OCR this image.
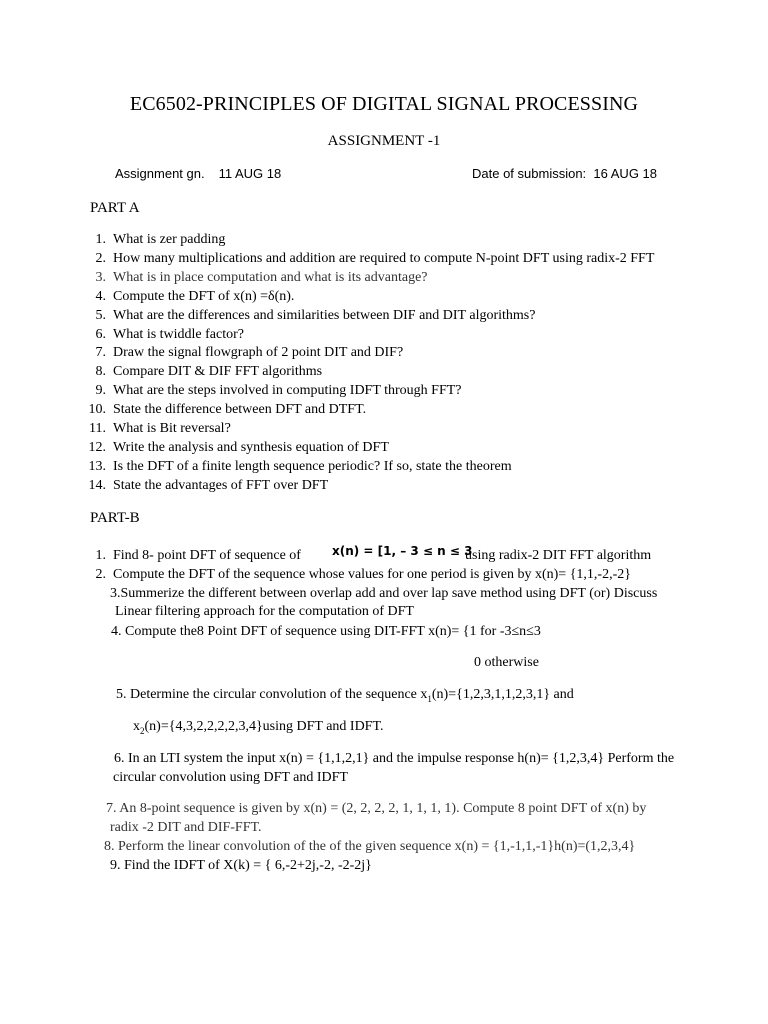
EC6502-PRINCIPLES OF DIGITAL SIGNAL PROCESSING
ASSIGNMENT -1
Assignment gn. 11 AUG 18	Date of submission: 16 AUG 18
PART A
1. What is zer padding
2. How many multiplications and addition are required to compute N-point DFT using radix-2 FFT
3. What is in place computation and what is its advantage?
4. Compute the DFT of x(n) =δ(n).
5. What are the differences and similarities between DIF and DIT algorithms?
6. What is twiddle factor?
7. Draw the signal flowgraph of 2 point DIT and DIF?
8. Compare DIT & DIF FFT algorithms
9. What are the steps involved in computing IDFT through FFT?
10. State the difference between DFT and DTFT.
11. What is Bit reversal?
12. Write the analysis and synthesis equation of DFT
13. Is the DFT of a finite length sequence periodic? If so, state the theorem
14. State the advantages of FFT over DFT
PART-B
1. Find 8- point DFT of sequence of	x(n) = [1, – 3 ≤ n ≤ 3
using radix-2 DIT FFT algorithm
2. Compute the DFT of the sequence whose values for one period is given by x(n)= {1,1,-2,-2}
3.Summerize the different between overlap add and over lap save method using DFT (or) Discuss
Linear filtering approach for the computation of DFT
4. Compute the8 Point DFT of sequence using DIT-FFT x(n)= {1 for -3≤n≤3
0 otherwise
5. Determine the circular convolution of the sequence $x_1(n)=\{1,2,3,1,1,2,3,1\}$ and
$x_2(n)=\{4,3,2,2,2,2,3,4\}using$ DFT and IDFT.
6. In an LTI system the input x(n) = {1,1,2,1} and the impulse response h(n)= {1,2,3,4} Perform the
circular convolution using DFT and IDFT
7. An 8-point sequence is given by x(n) = (2, 2, 2, 2, 1, 1, 1, 1). Compute 8 point DFT of x(n) by
radix -2 DIT and DIF-FFT.
8. Perform the linear convolution of the of the given sequence x(n) = {1,-1,1,-1}h(n)=(1,2,3,4}
9. Find the IDFT of X(k) = { 6,-2+2j,-2, -2-2j}
